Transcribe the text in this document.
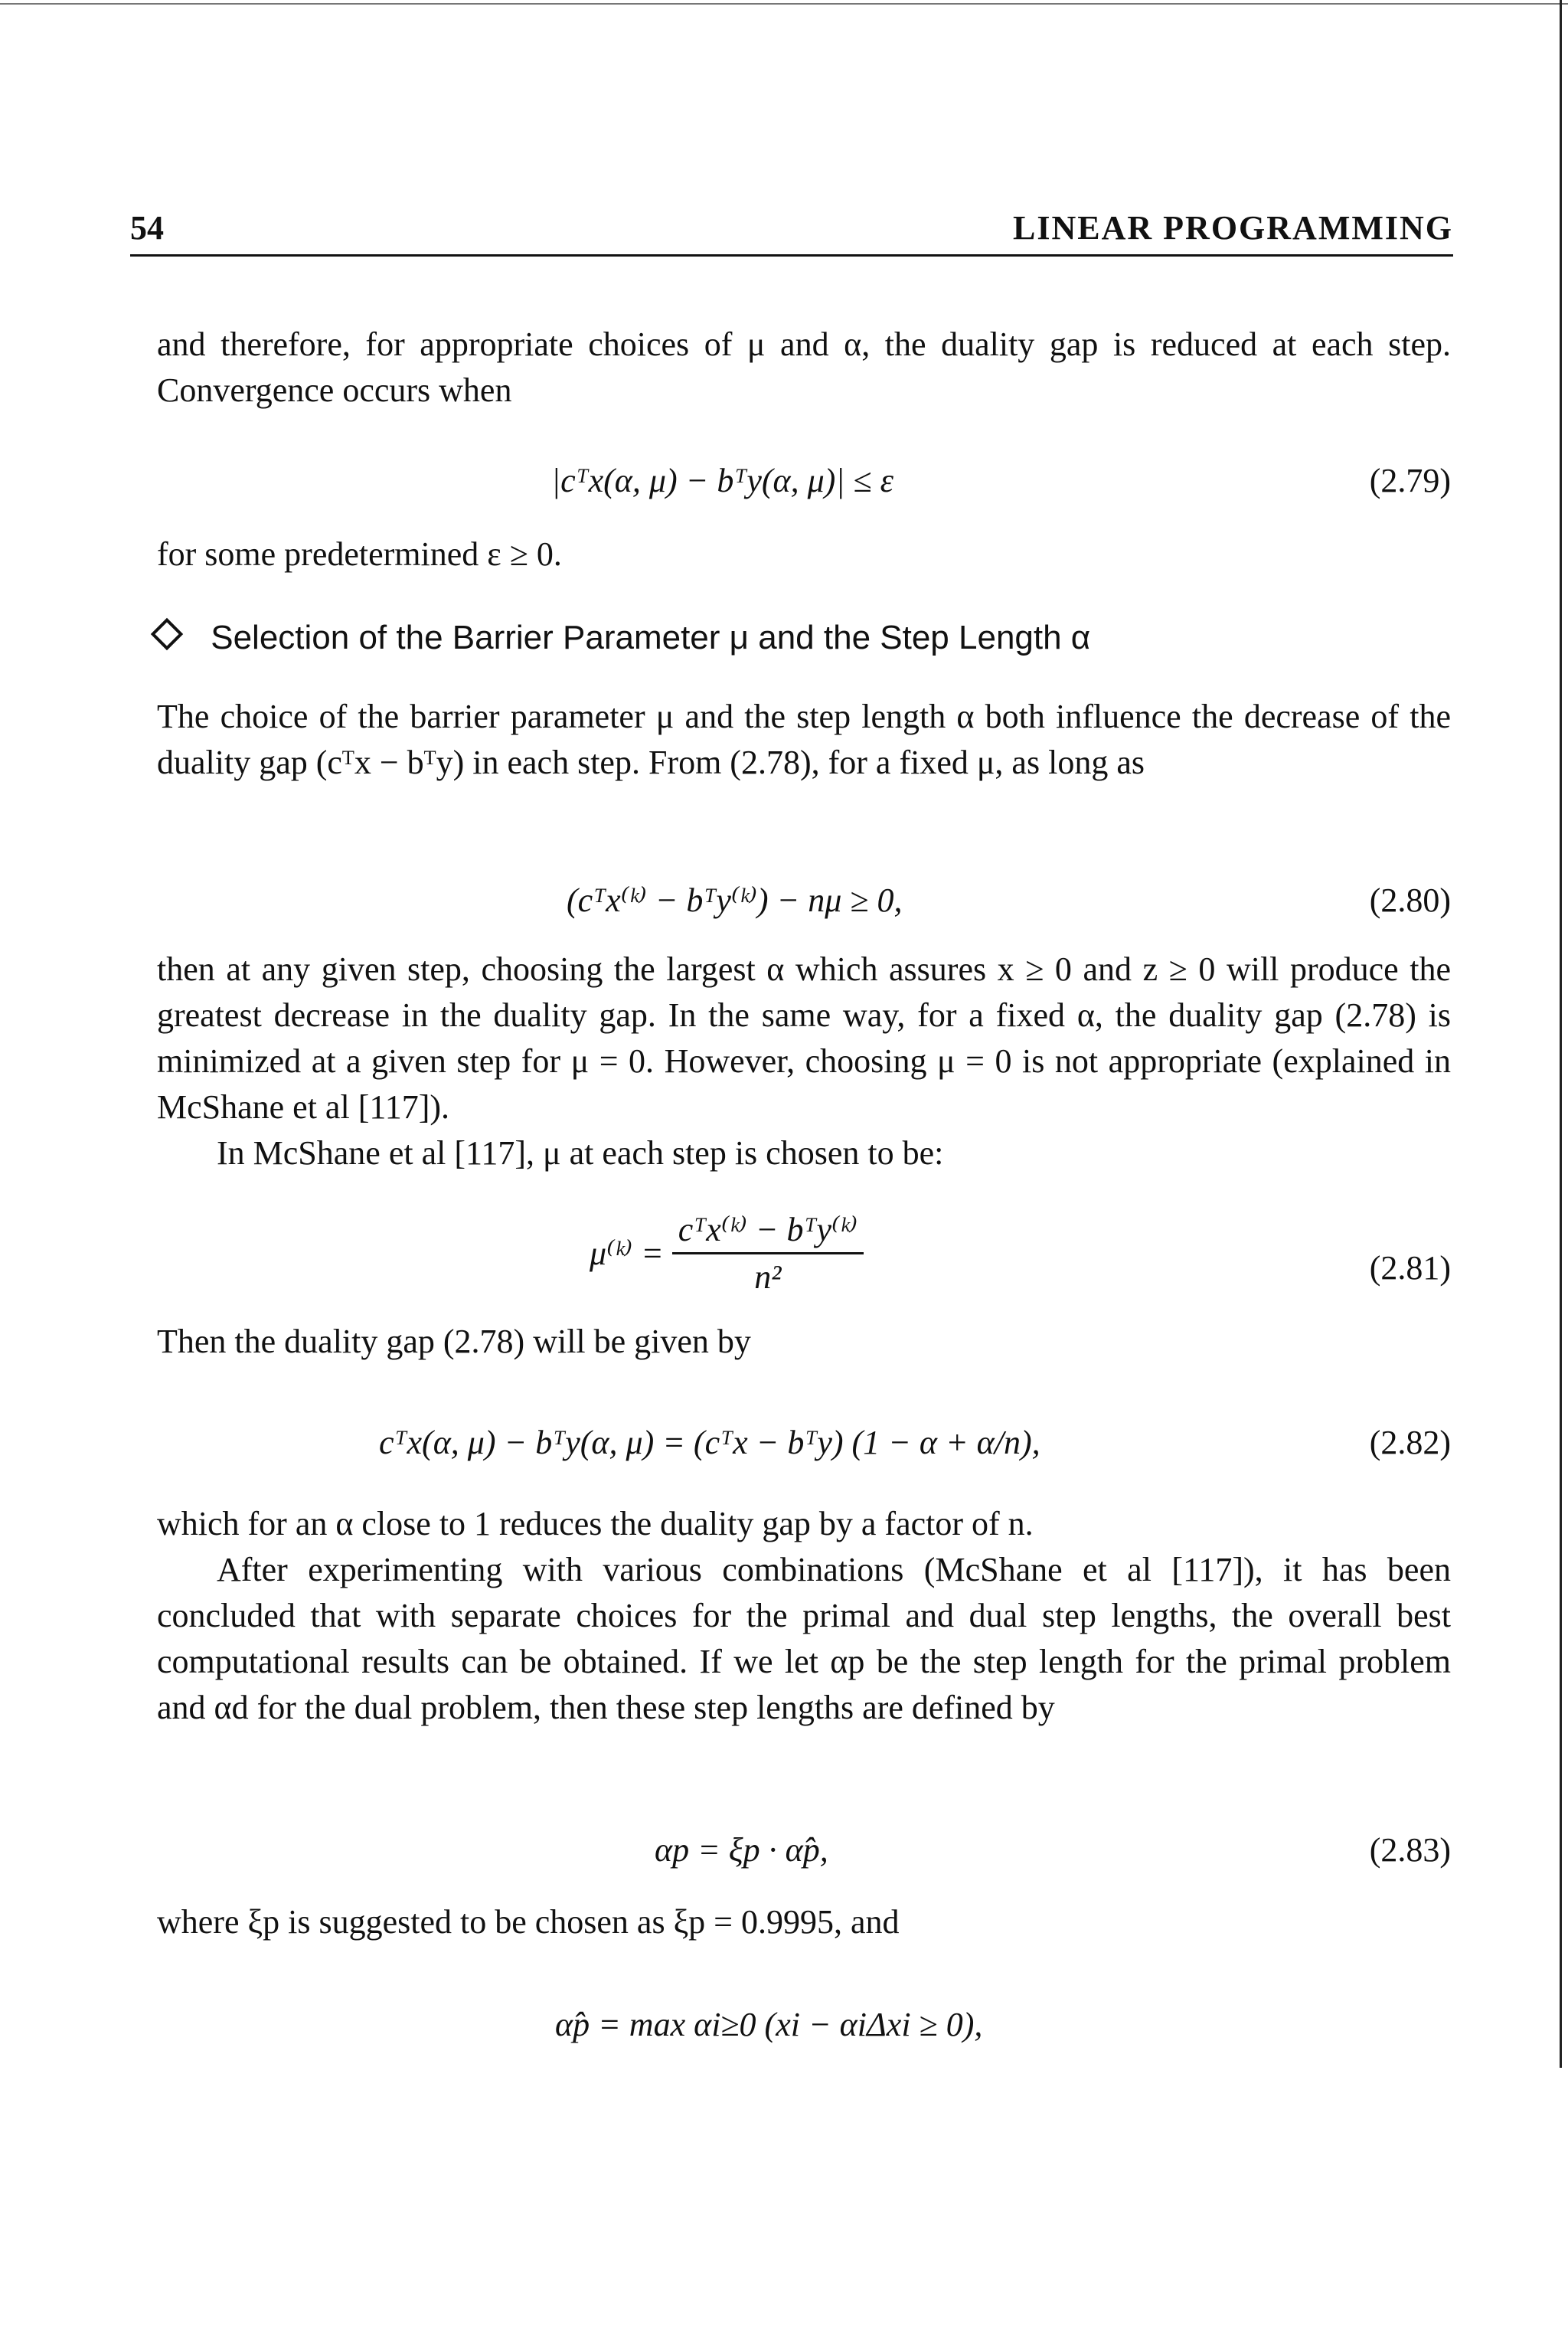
54	LINEAR PROGRAMMING

and therefore, for appropriate choices of μ and α, the duality gap is reduced at each step. Convergence occurs when

|cᵀx(α, μ) − bᵀy(α, μ)| ≤ ε	(2.79)

for some predetermined ε ≥ 0.

Selection of the Barrier Parameter μ and the Step Length α

The choice of the barrier parameter μ and the step length α both influence the decrease of the duality gap (cᵀx − bᵀy) in each step. From (2.78), for a fixed μ, as long as

(cᵀx⁽ᵏ⁾ − bᵀy⁽ᵏ⁾) − nμ ≥ 0,	(2.80)

then at any given step, choosing the largest α which assures x ≥ 0 and z ≥ 0 will produce the greatest decrease in the duality gap. In the same way, for a fixed α, the duality gap (2.78) is minimized at a given step for μ = 0. However, choosing μ = 0 is not appropriate (explained in McShane et al [117]).

In McShane et al [117], μ at each step is chosen to be:

μ⁽ᵏ⁾ = $\frac{\text{cᵀx⁽ᵏ⁾ − bᵀy⁽ᵏ⁾}}{\text{n²}}$	(2.81)

Then the duality gap (2.78) will be given by

cᵀx(α, μ) − bᵀy(α, μ) = (cᵀx − bᵀy) (1 − α + α/n),	(2.82)

which for an α close to 1 reduces the duality gap by a factor of n.

After experimenting with various combinations (McShane et al [117]), it has been concluded that with separate choices for the primal and dual step lengths, the overall best computational results can be obtained. If we let αp be the step length for the primal problem and αd for the dual problem, then these step lengths are defined by

αp = ξp · α̂p,	(2.83)

where ξp is suggested to be chosen as ξp = 0.9995, and

α̂p = max αi≥0 (xi − αiΔxi ≥ 0),
